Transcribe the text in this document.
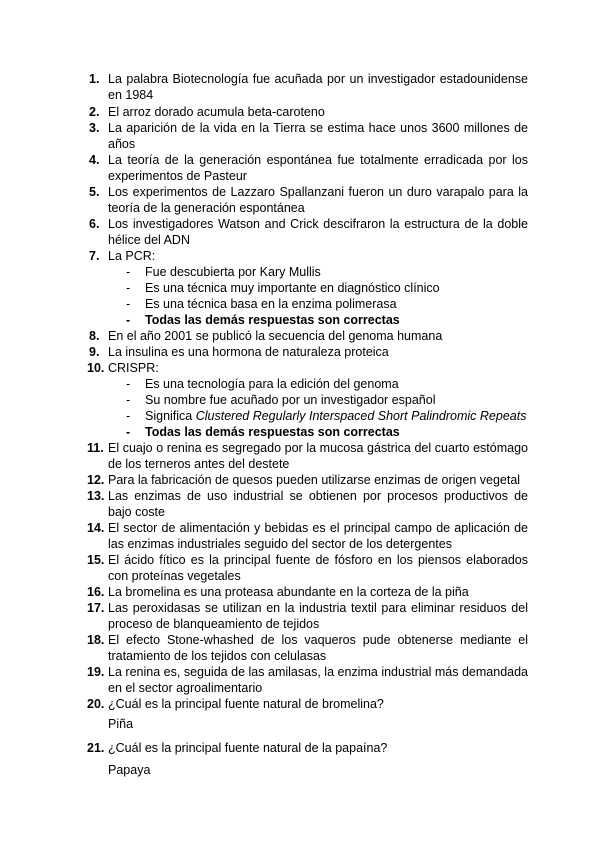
1. La palabra Biotecnología fue acuñada por un investigador estadounidense en 1984
2. El arroz dorado acumula beta-caroteno
3. La aparición de la vida en la Tierra se estima hace unos 3600 millones de años
4. La teoría de la generación espontánea fue totalmente erradicada por los experimentos de Pasteur
5. Los experimentos de Lazzaro Spallanzani fueron un duro varapalo para la teoría de la generación espontánea
6. Los investigadores Watson and Crick descifraron la estructura de la doble hélice del ADN
7. La PCR:
- Fue descubierta por Kary Mullis
- Es una técnica muy importante en diagnóstico clínico
- Es una técnica basa en la enzima polimerasa
- Todas las demás respuestas son correctas
8. En el año 2001 se publicó la secuencia del genoma humana
9. La insulina es una hormona de naturaleza proteica
10. CRISPR:
- Es una tecnología para la edición del genoma
- Su nombre fue acuñado por un investigador español
- Significa Clustered Regularly Interspaced Short Palindromic Repeats
- Todas las demás respuestas son correctas
11. El cuajo o renina es segregado por la mucosa gástrica del cuarto estómago de los terneros antes del destete
12. Para la fabricación de quesos pueden utilizarse enzimas de origen vegetal
13. Las enzimas de uso industrial se obtienen por procesos productivos de bajo coste
14. El sector de alimentación y bebidas es el principal campo de aplicación de las enzimas industriales seguido del sector de los detergentes
15. El ácido fítico es la principal fuente de fósforo en los piensos elaborados con proteínas vegetales
16. La bromelina es una proteasa abundante en la corteza de la piña
17. Las peroxidasas se utilizan en la industria textil para eliminar residuos del proceso de blanqueamiento de tejidos
18. El efecto Stone-whashed de los vaqueros pude obtenerse mediante el tratamiento de los tejidos con celulasas
19. La renina es, seguida de las amilasas, la enzima industrial más demandada en el sector agroalimentario
20. ¿Cuál es la principal fuente natural de bromelina?
Piña
21. ¿Cuál es la principal fuente natural de la papaína?
Papaya
